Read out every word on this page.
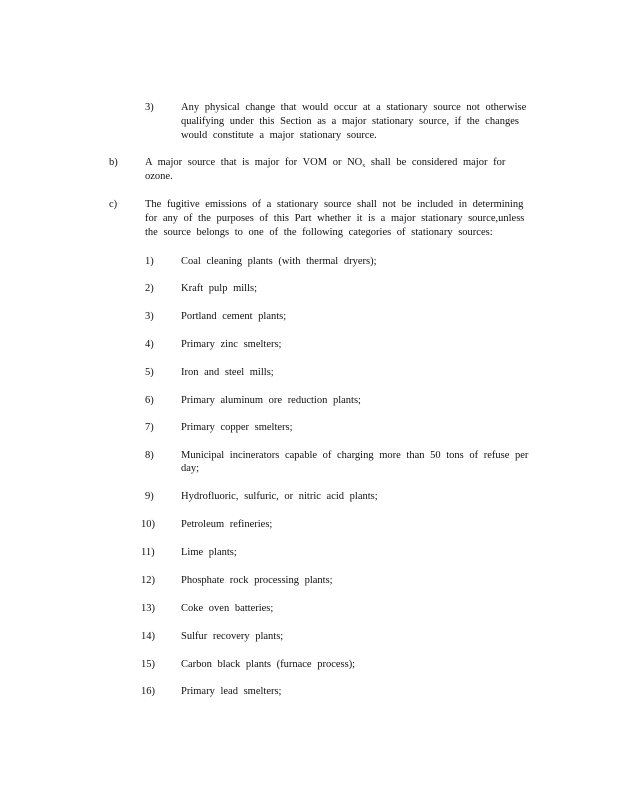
3)	Any physical change that would occur at a stationary source not otherwise
qualifying under this Section as a major stationary source, if the changes
would constitute a major stationary source.
b)	A major source that is major for VOM or $NO_x$ shall be considered major for
ozone.
c)	The fugitive emissions of a stationary source shall not be included in determining
for any of the purposes of this Part whether it is a major stationary source,unless
the source belongs to one of the following categories of stationary sources:
1)	Coal cleaning plants (with thermal dryers);
2)	Kraft pulp mills;
3)	Portland cement plants;
4)	Primary zinc smelters;
5)	Iron and steel mills;
6)	Primary aluminum ore reduction plants;
7)	Primary copper smelters;
8)	Municipal incinerators capable of charging more than 50 tons of refuse per
day;
9)	Hydrofluoric, sulfuric, or nitric acid plants;
10) Petroleum refineries;
11)	Lime plants;
12) Phosphate rock processing plants;
13) Coke oven batteries;
14) Sulfur recovery plants;
15) Carbon black plants (furnace process);
16) Primary lead smelters;
